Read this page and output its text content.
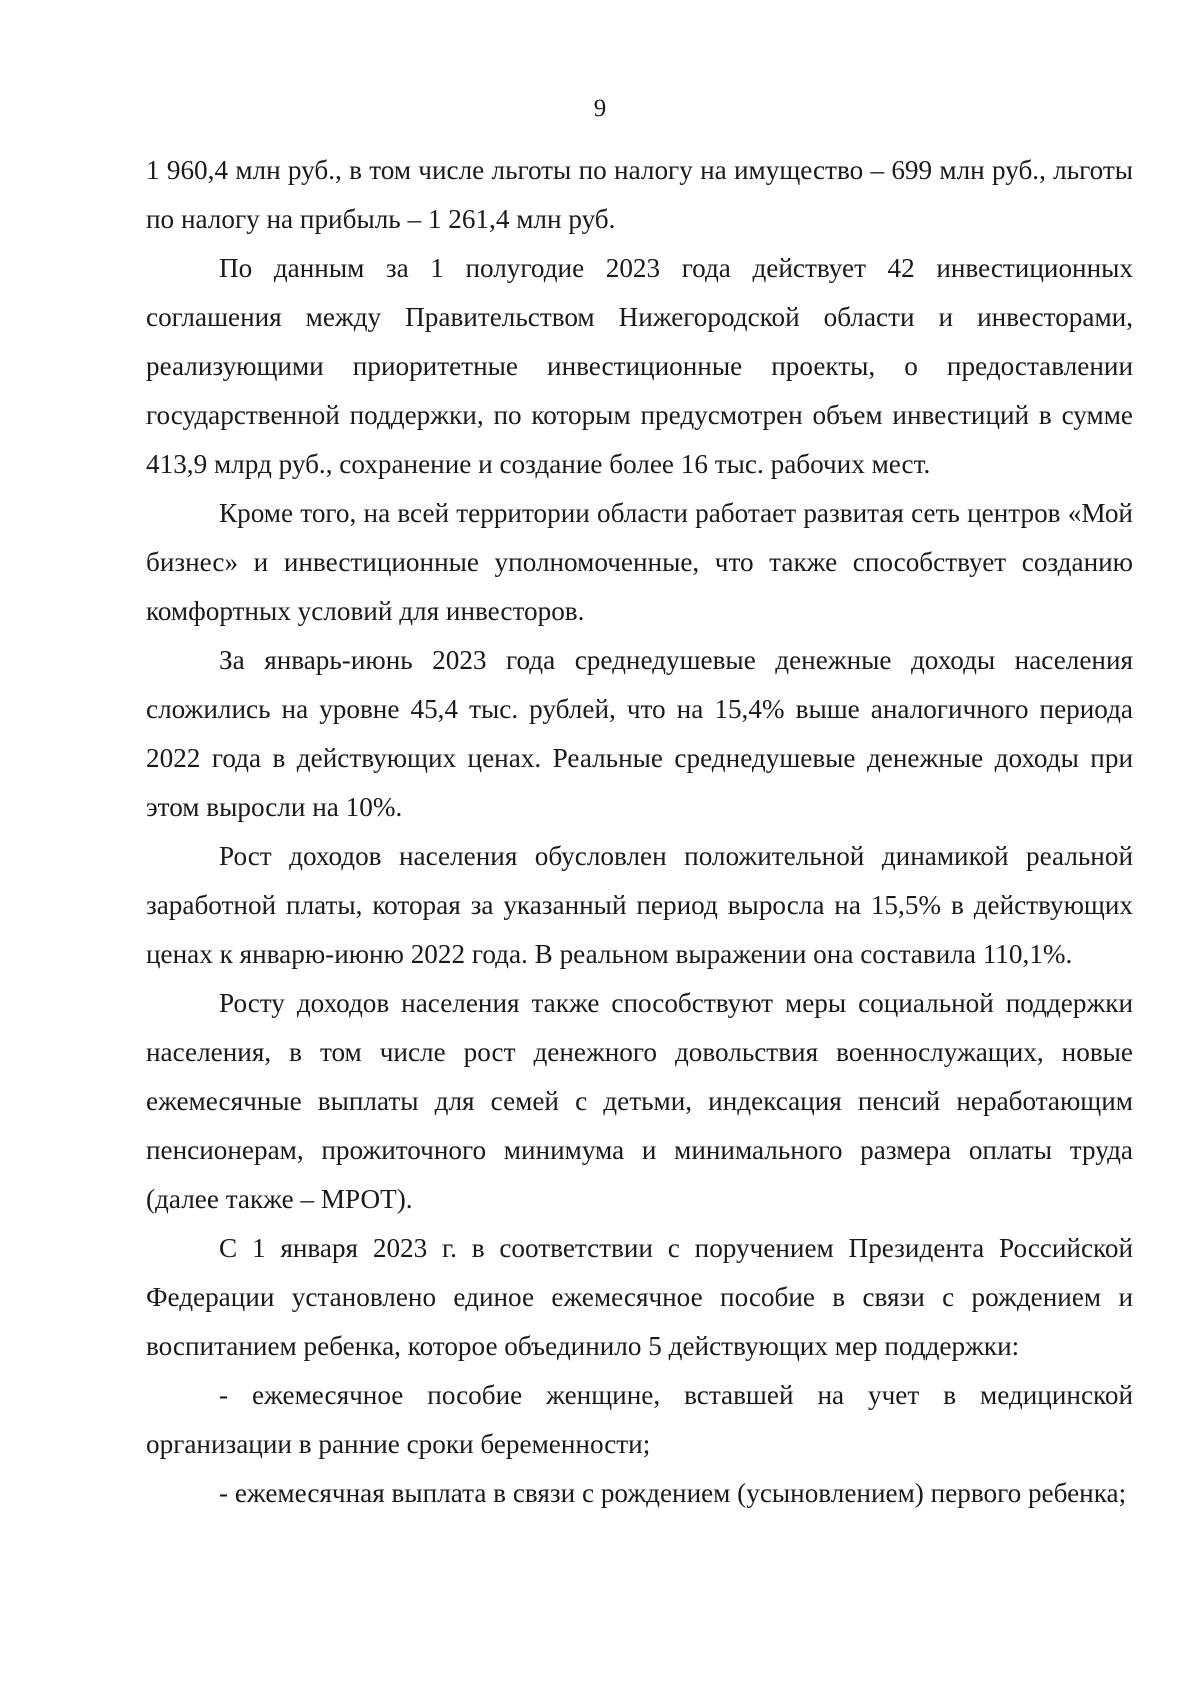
9

1 960,4 млн руб., в том числе льготы по налогу на имущество – 699 млн руб., льготы по налогу на прибыль – 1 261,4 млн руб.

По данным за 1 полугодие 2023 года действует 42 инвестиционных соглашения между Правительством Нижегородской области и инвесторами, реализующими приоритетные инвестиционные проекты, о предоставлении государственной поддержки, по которым предусмотрен объем инвестиций в сумме 413,9 млрд руб., сохранение и создание более 16 тыс. рабочих мест.

Кроме того, на всей территории области работает развитая сеть центров «Мой бизнес» и инвестиционные уполномоченные, что также способствует созданию комфортных условий для инвесторов.

За январь-июнь 2023 года среднедушевые денежные доходы населения сложились на уровне 45,4 тыс. рублей, что на 15,4% выше аналогичного периода 2022 года в действующих ценах. Реальные среднедушевые денежные доходы при этом выросли на 10%.

Рост доходов населения обусловлен положительной динамикой реальной заработной платы, которая за указанный период выросла на 15,5% в действующих ценах к январю-июню 2022 года. В реальном выражении она составила 110,1%.

Росту доходов населения также способствуют меры социальной поддержки населения, в том числе рост денежного довольствия военнослужащих, новые ежемесячные выплаты для семей с детьми, индексация пенсий неработающим пенсионерам, прожиточного минимума и минимального размера оплаты труда (далее также – МРОТ).

С 1 января 2023 г. в соответствии с поручением Президента Российской Федерации установлено единое ежемесячное пособие в связи с рождением и воспитанием ребенка, которое объединило 5 действующих мер поддержки:

- ежемесячное пособие женщине, вставшей на учет в медицинской организации в ранние сроки беременности;

- ежемесячная выплата в связи с рождением (усыновлением) первого ребенка;
